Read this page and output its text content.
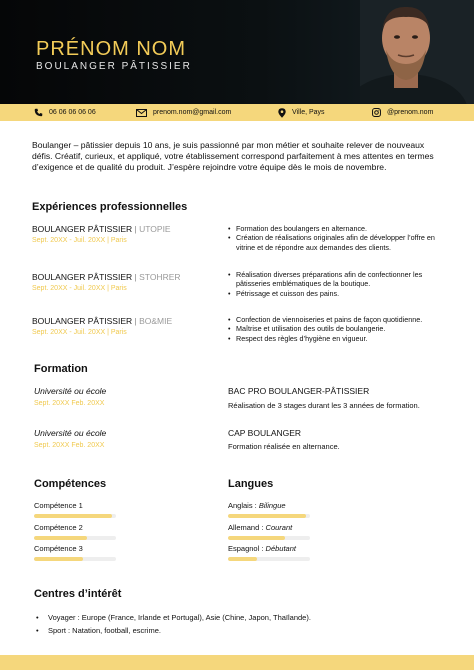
PRÉNOM NOM
BOULANGER PÂTISSIER
06 06 06 06 06	prenom.nom@gmail.com	Ville, Pays	@prenom.nom

Boulanger – pâtissier depuis 10 ans, je suis passionné par mon métier et souhaite relever de nouveaux défis. Créatif, curieux, et appliqué, votre établissement correspond parfaitement à mes attentes en termes d’exigence et de qualité du produit. J’espère rejoindre votre équipe dès le mois de novembre.

Expériences professionnelles
BOULANGER PÂTISSIER | UTOPIE
Sept. 20XX - Juil. 20XX | Paris
• Formation des boulangers en alternance.
• Création de réalisations originales afin de développer l’offre en vitrine et de répondre aux demandes des clients.
BOULANGER PÂTISSIER | STOHRER
Sept. 20XX - Juil. 20XX | Paris
• Réalisation diverses préparations afin de confectionner les pâtisseries emblématiques de la boutique.
• Pétrissage et cuisson des pains.
BOULANGER PÂTISSIER | BO&MIE
Sept. 20XX - Juil. 20XX | Paris
• Confection de viennoiseries et pains de façon quotidienne.
• Maîtrise et utilisation des outils de boulangerie.
• Respect des règles d’hygiène en vigueur.
Formation
Université ou école
Sept. 20XX Feb. 20XX
BAC PRO BOULANGER-PÂTISSIER
Réalisation de 3 stages durant les 3 années de formation.
Université ou école
Sept. 20XX Feb. 20XX
CAP BOULANGER
Formation réalisée en alternance.
Compétences
Compétence 1
Compétence 2
Compétence 3
Langues
Anglais : Bilingue
Allemand : Courant
Espagnol : Débutant
Centres d’intérêt
• Voyager : Europe (France, Irlande et Portugal), Asie (Chine, Japon, Thaïlande).
• Sport : Natation, football, escrime.
